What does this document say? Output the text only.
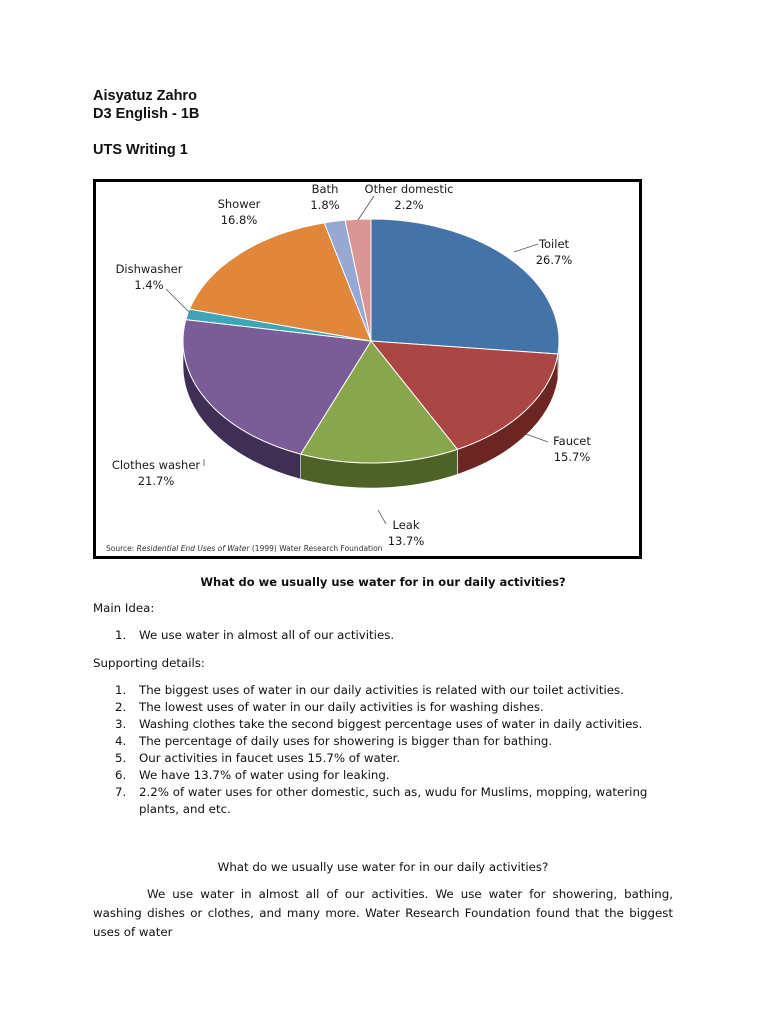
Aisyatuz Zahro

D3 English - 1B

UTS Writing 1

Toilet
26.7%
Faucet
15.7%
Leak
13.7%
Clothes washer
21.7%
Dishwasher
1.4%
Shower
16.8%
Bath
1.8%
Other domestic
2.2%
Source: Residential End Uses of Water (1999) Water Research Foundation

What do we usually use water for in our daily activities?

Main Idea:

1. We use water in almost all of our activities.

Supporting details:

1. The biggest uses of water in our daily activities is related with our toilet activities.
2. The lowest uses of water in our daily activities is for washing dishes.
3. Washing clothes take the second biggest percentage uses of water in daily activities.
4. The percentage of daily uses for showering is bigger than for bathing.
5. Our activities in faucet uses 15.7% of water.
6. We have 13.7% of water using for leaking.
7. 2.2% of water uses for other domestic, such as, wudu for Muslims, mopping, watering plants, and etc.

What do we usually use water for in our daily activities?

We use water in almost all of our activities. We use water for showering, bathing, washing dishes or clothes, and many more. Water Research Foundation found that the biggest uses of water
